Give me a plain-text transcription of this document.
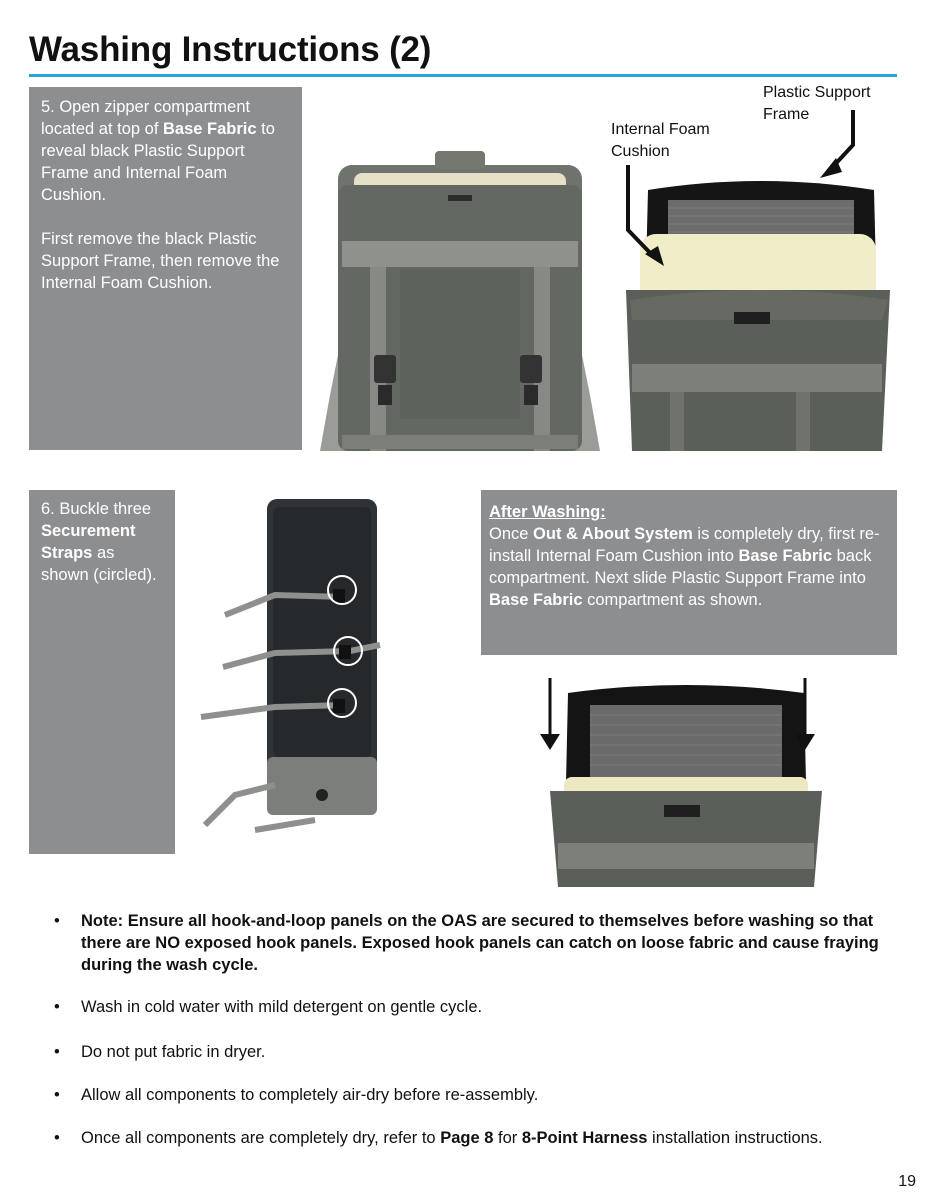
Washing Instructions (2)

5. Open zipper compartment located at top of Base Fabric to reveal black Plastic Support Frame and Internal Foam Cushion.

First remove the black Plastic Support Frame, then remove the Internal Foam Cushion.

Plastic Support Frame
Internal Foam Cushion

6. Buckle three Securement Straps as shown (circled).

After Washing:

Once Out & About System is completely dry, first re-install Internal Foam Cushion into Base Fabric back compartment. Next slide Plastic Support Frame into Base Fabric compartment as shown.

• Note: Ensure all hook-and-loop panels on the OAS are secured to themselves before washing so that there are NO exposed hook panels. Exposed hook panels can catch on loose fabric and cause fraying during the wash cycle.
• Wash in cold water with mild detergent on gentle cycle.
• Do not put fabric in dryer.
• Allow all components to completely air-dry before re-assembly.
• Once all components are completely dry, refer to Page 8 for 8-Point Harness installation instructions.
19
